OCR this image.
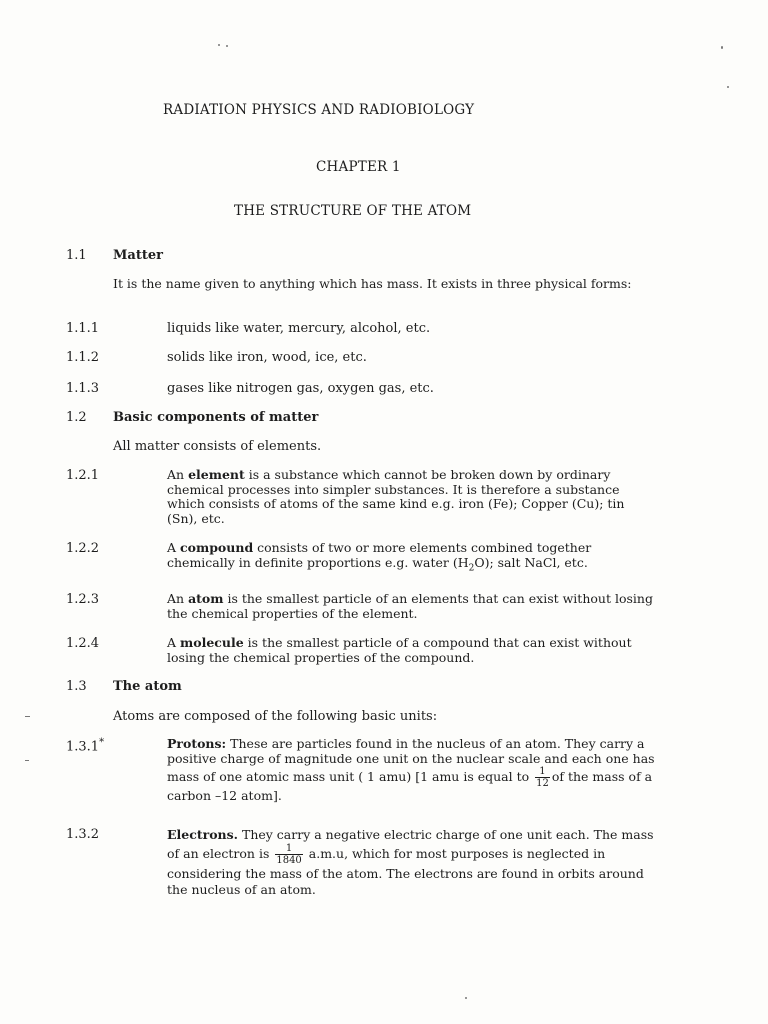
RADIATION PHYSICS AND RADIOBIOLOGY
CHAPTER 1
THE STRUCTURE OF THE ATOM
1.1 Matter
It is the name given to anything which has mass. It exists in three physical forms:
1.1.1	liquids like water, mercury, alcohol, etc.
1.1.2	solids like iron, wood, ice, etc.
1.1.3	gases like nitrogen gas, oxygen gas, etc.
1.2 Basic components of matter
All matter consists of elements.
1.2.1	An element is a substance which cannot be broken down by ordinary chemical processes into simpler substances. It is therefore a substance which consists of atoms of the same kind e.g. iron (Fe); Copper (Cu); tin (Sn), etc.
1.2.2	A compound consists of two or more elements combined together chemically in definite proportions e.g. water $(H_2O)$; salt NaCl, etc.
1.2.3	An atom is the smallest particle of an elements that can exist without losing the chemical properties of the element.
1.2.4	A molecule is the smallest particle of a compound that can exist without losing the chemical properties of the compound.
1.3 The atom
Atoms are composed of the following basic units:
1.3.1*	Protons: These are particles found in the nucleus of an atom. They carry a positive charge of magnitude one unit on the nuclear scale and each one has mass of one atomic mass unit ( 1 amu) [1 amu is equal to $\frac{1}{12}$ of the mass of a carbon –12 atom].
1.3.2	Electrons. They carry a negative electric charge of one unit each. The mass of an electron is $\frac{1}{1840} a.m.u$, which for most purposes is neglected in considering the mass of the atom. The electrons are found in orbits around the nucleus of an atom.
